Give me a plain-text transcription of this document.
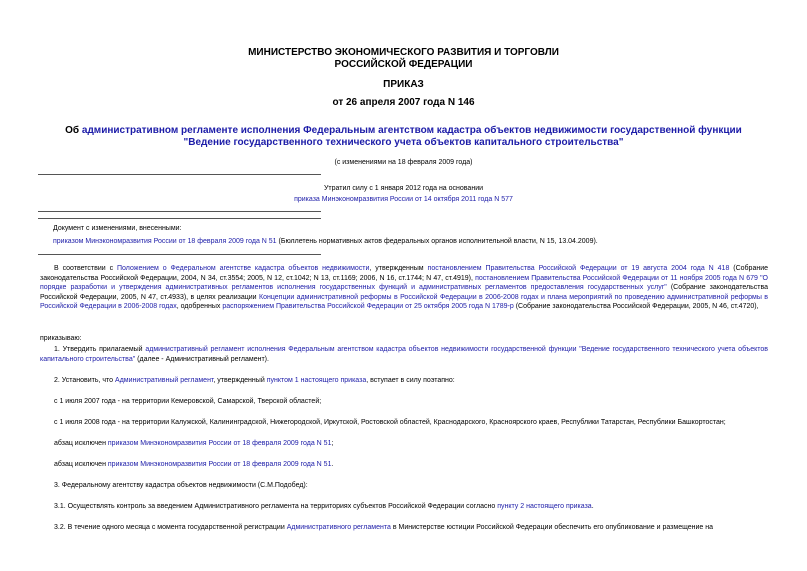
МИНИСТЕРСТВО ЭКОНОМИЧЕСКОГО РАЗВИТИЯ И ТОРГОВЛИ
РОССИЙСКОЙ ФЕДЕРАЦИИ
ПРИКАЗ
от 26 апреля 2007 года N 146
Об административном регламенте исполнения Федеральным агентством кадастра объектов недвижимости государственной функции "Ведение государственного технического учета объектов капитального строительства"
(с изменениями на 18 февраля 2009 года)
Утратил силу с 1 января 2012 года на основании
приказа Минэкономразвития России от 14 октября 2011 года N 577
Документ с изменениями, внесенными:
приказом Минэкономразвития России от 18 февраля 2009 года N 51 (Бюллетень нормативных актов федеральных органов исполнительной власти, N 15, 13.04.2009).

В соответствии с Положением о Федеральном агентстве кадастра объектов недвижимости, утвержденным постановлением Правительства Российской Федерации от 19 августа 2004 года N 418 (Собрание законодательства Российской Федерации, 2004, N 34, ст.3554; 2005, N 12, ст.1042; N 13, ст.1169; 2006, N 16, ст.1744; N 47, ст.4919), постановлением Правительства Российской Федерации от 11 ноября 2005 года N 679 "О порядке разработки и утверждения административных регламентов исполнения государственных функций и административных регламентов предоставления государственных услуг" (Собрание законодательства Российской Федерации, 2005, N 47, ст.4933), в целях реализации Концепции административной реформы в Российской Федерации в 2006-2008 годах и плана мероприятий по проведению административной реформы в Российской Федерации в 2006-2008 годах, одобренных распоряжением Правительства Российской Федерации от 25 октября 2005 года N 1789-р (Собрание законодательства Российской Федерации, 2005, N 46, ст.4720),

приказываю:

1. Утвердить прилагаемый административный регламент исполнения Федеральным агентством кадастра объектов недвижимости государственной функции "Ведение государственного технического учета объектов капитального строительства" (далее - Административный регламент).

2. Установить, что Административный регламент, утвержденный пунктом 1 настоящего приказа, вступает в силу поэтапно:

с 1 июля 2007 года - на территории Кемеровской, Самарской, Тверской областей;

с 1 июля 2008 года - на территории Калужской, Калининградской, Нижегородской, Иркутской, Ростовской областей, Краснодарского, Красноярского краев, Республики Татарстан, Республики Башкортостан;

абзац исключен приказом Минэкономразвития России от 18 февраля 2009 года N 51;

абзац исключен приказом Минэкономразвития России от 18 февраля 2009 года N 51.

3. Федеральному агентству кадастра объектов недвижимости (С.М.Подобед):

3.1. Осуществлять контроль за введением Административного регламента на территориях субъектов Российской Федерации согласно пункту 2 настоящего приказа.

3.2. В течение одного месяца с момента государственной регистрации Административного регламента в Министерстве юстиции Российской Федерации обеспечить его опубликование и размещение на
